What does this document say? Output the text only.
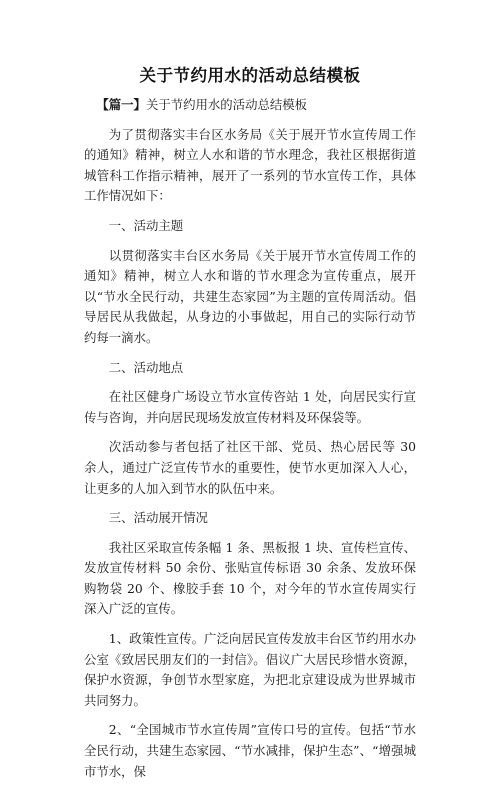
关于节约用水的活动总结模板

【篇一】关于节约用水的活动总结模板

为了贯彻落实丰台区水务局《关于展开节水宣传周工作的通知》精神，树立人水和谐的节水理念，我社区根据街道城管科工作指示精神，展开了一系列的节水宣传工作，具体工作情况如下：

一、活动主题

以贯彻落实丰台区水务局《关于展开节水宣传周工作的通知》精神，树立人水和谐的节水理念为宣传重点，展开以“节水全民行动，共建生态家园”为主题的宣传周活动。倡导居民从我做起，从身边的小事做起，用自己的实际行动节约每一滴水。

二、活动地点

在社区健身广场设立节水宣传咨站 1 处，向居民实行宣传与咨询，并向居民现场发放宣传材料及环保袋等。

次活动参与者包括了社区干部、党员、热心居民等 30 余人，通过广泛宣传节水的重要性，使节水更加深入人心，让更多的人加入到节水的队伍中来。

三、活动展开情况

我社区采取宣传条幅 1 条、黑板报 1 块、宣传栏宣传、发放宣传材料 50 余份、张贴宣传标语 30 余条、发放环保购物袋 20 个、橡胶手套 10 个，对今年的节水宣传周实行深入广泛的宣传。

1、政策性宣传。广泛向居民宣传发放丰台区节约用水办公室《致居民朋友们的一封信》。倡议广大居民珍惜水资源，保护水资源，争创节水型家庭，为把北京建设成为世界城市共同努力。

2、“全国城市节水宣传周”宣传口号的宣传。包括“节水全民行动，共建生态家园、“节水减排，保护生态”、“增强城市节水，保
